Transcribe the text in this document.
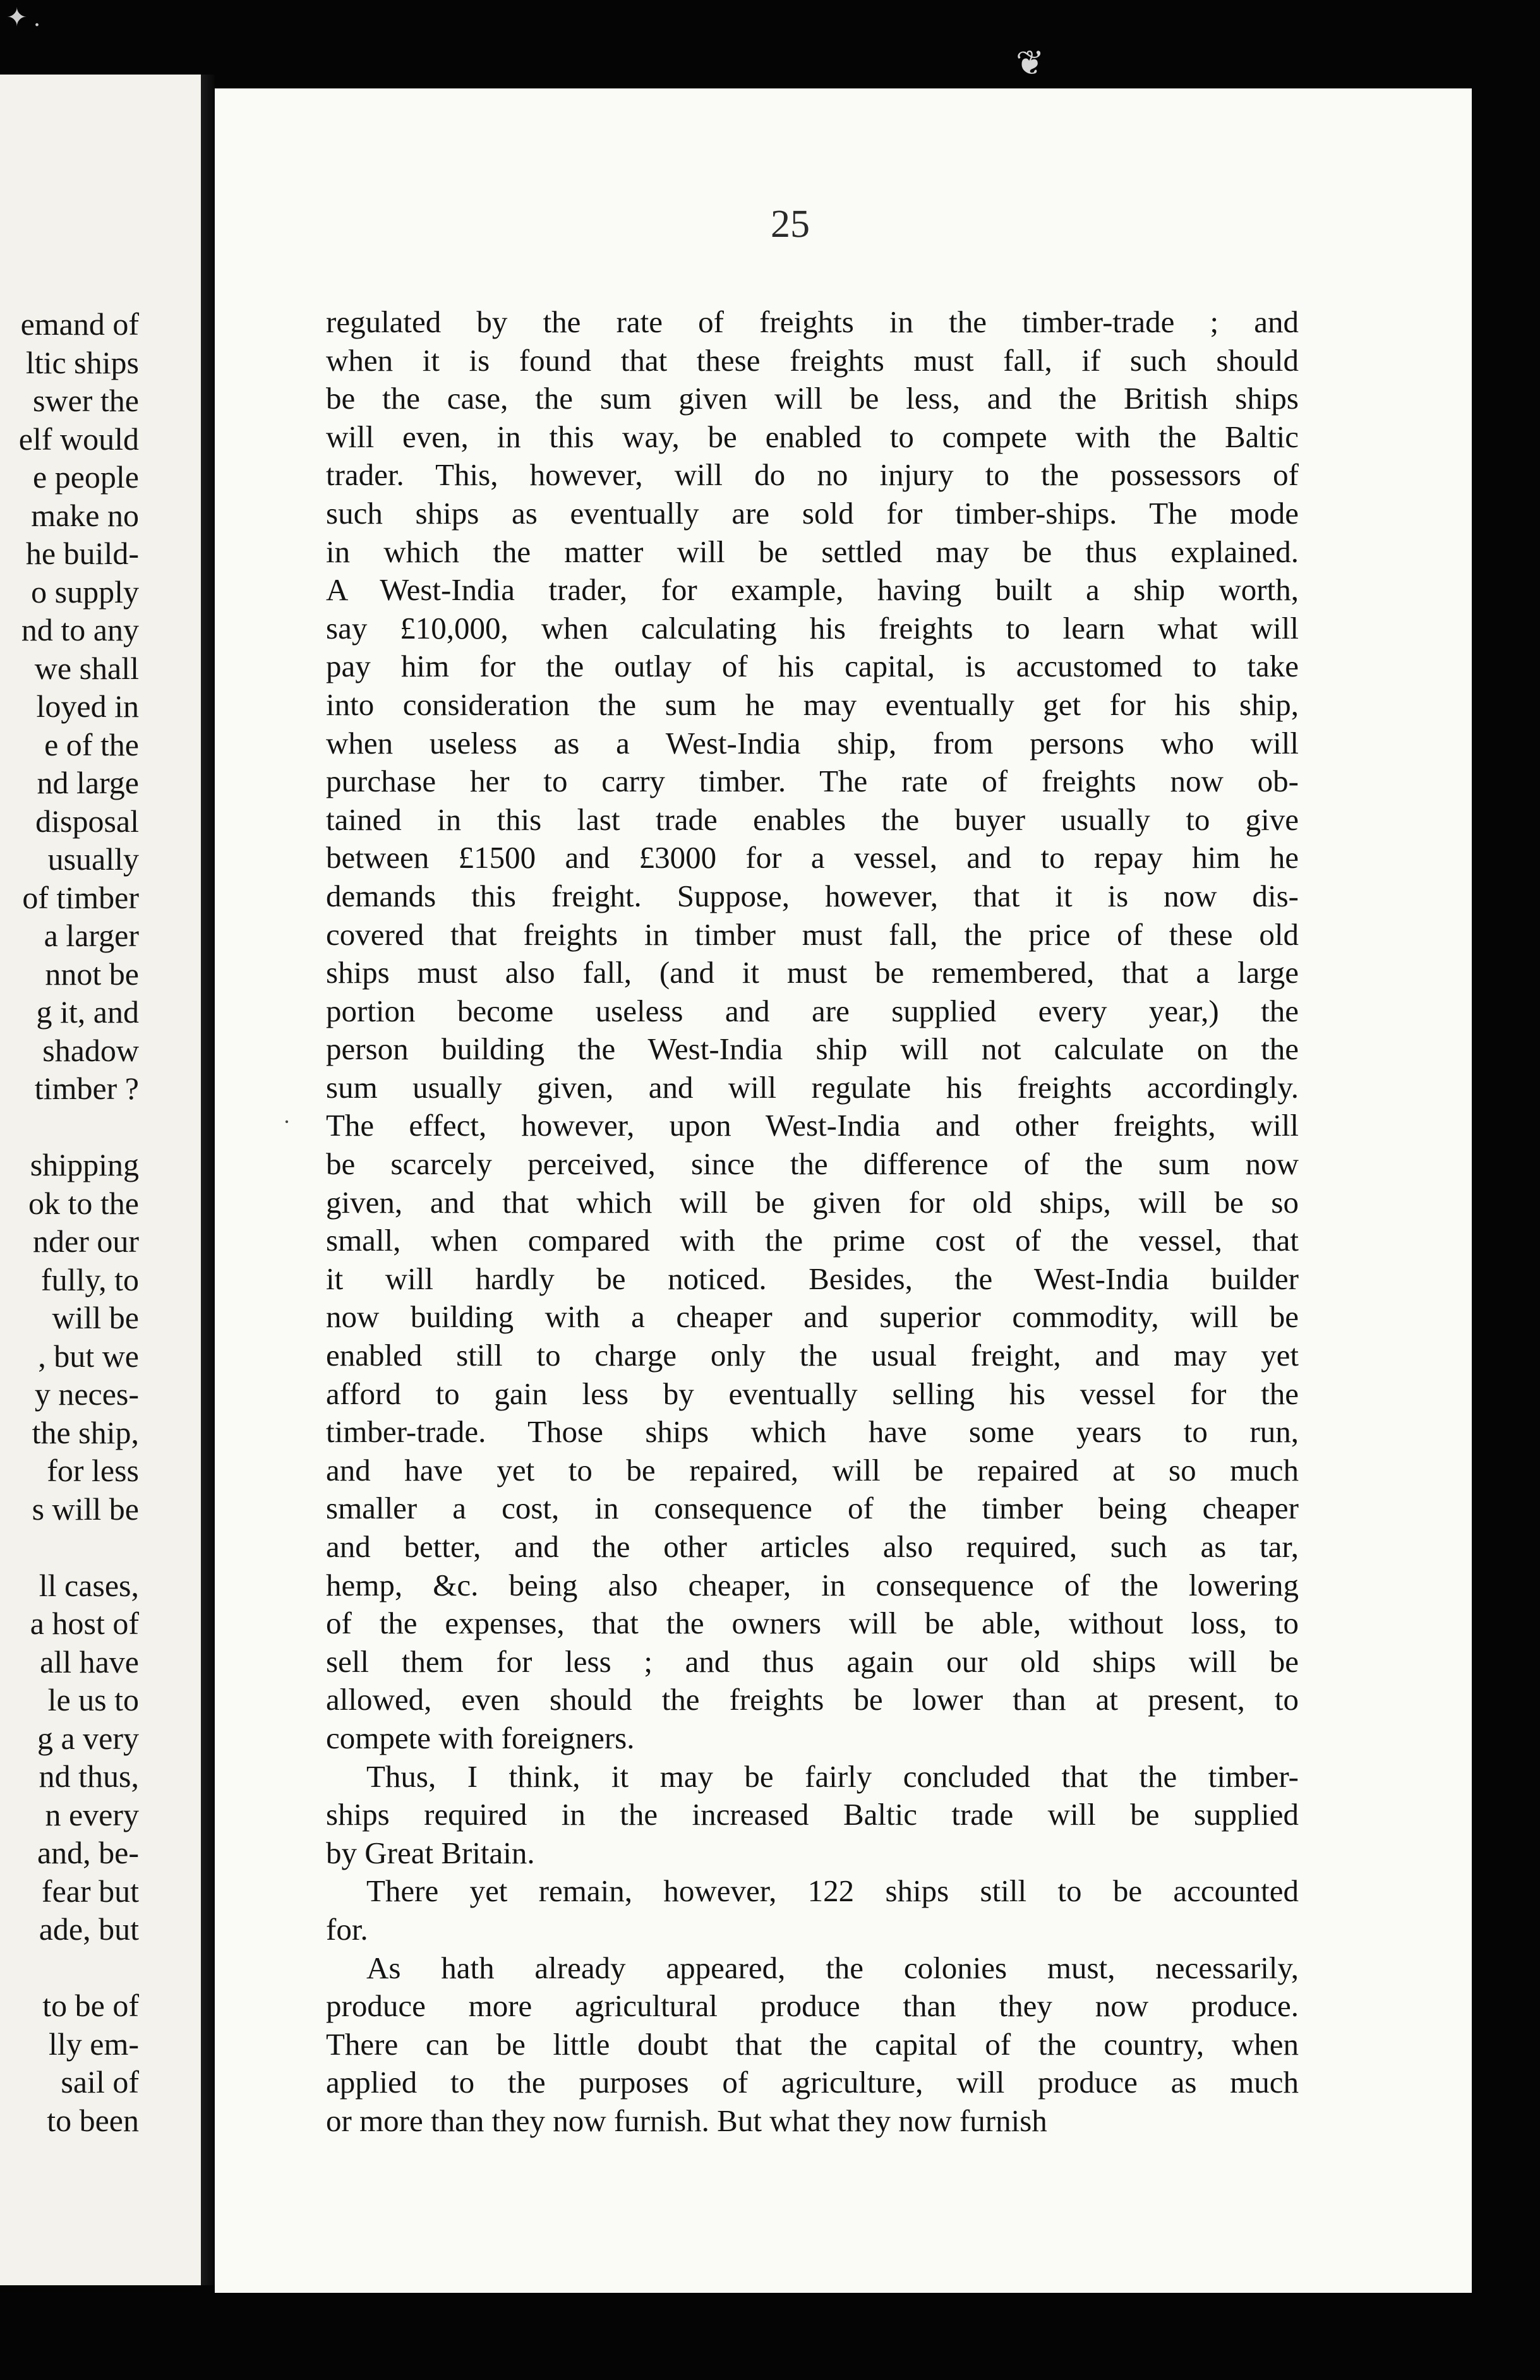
✦ .
❦
emand of
ltic ships
swer the
elf would
e people
make no
he build-
o supply
nd to any
we shall
loyed in
e of the
nd large
disposal
usually
of timber
a larger
nnot be
g it, and
shadow
timber ?
shipping
ok to the
nder our
fully, to
will be
, but we
y neces-
the ship,
for less
s will be
ll cases,
a host of
all have
le us to
g a very
nd thus,
n every
and, be-
fear but
ade, but
to be of
lly em-
sail of
to been
25
·
regulated by the rate of freights in the timber-trade ; and
when it is found that these freights must fall, if such should
be the case, the sum given will be less, and the British ships
will even, in this way, be enabled to compete with the Baltic
trader. This, however, will do no injury to the possessors of
such ships as eventually are sold for timber-ships. The mode
in which the matter will be settled may be thus explained.
A West-India trader, for example, having built a ship worth,
say £10,000, when calculating his freights to learn what will
pay him for the outlay of his capital, is accustomed to take
into consideration the sum he may eventually get for his ship,
when useless as a West-India ship, from persons who will
purchase her to carry timber. The rate of freights now ob-
tained in this last trade enables the buyer usually to give
between £1500 and £3000 for a vessel, and to repay him he
demands this freight. Suppose, however, that it is now dis-
covered that freights in timber must fall, the price of these old
ships must also fall, (and it must be remembered, that a large
portion become useless and are supplied every year,) the
person building the West-India ship will not calculate on the
sum usually given, and will regulate his freights accordingly.
The effect, however, upon West-India and other freights, will
be scarcely perceived, since the difference of the sum now
given, and that which will be given for old ships, will be so
small, when compared with the prime cost of the vessel, that
it will hardly be noticed. Besides, the West-India builder
now building with a cheaper and superior commodity, will be
enabled still to charge only the usual freight, and may yet
afford to gain less by eventually selling his vessel for the
timber-trade. Those ships which have some years to run,
and have yet to be repaired, will be repaired at so much
smaller a cost, in consequence of the timber being cheaper
and better, and the other articles also required, such as tar,
hemp, &c. being also cheaper, in consequence of the lowering
of the expenses, that the owners will be able, without loss, to
sell them for less ; and thus again our old ships will be
allowed, even should the freights be lower than at present, to
compete with foreigners.
Thus, I think, it may be fairly concluded that the timber-
ships required in the increased Baltic trade will be supplied
by Great Britain.
There yet remain, however, 122 ships still to be accounted
for.
As hath already appeared, the colonies must, necessarily,
produce more agricultural produce than they now produce.
There can be little doubt that the capital of the country, when
applied to the purposes of agriculture, will produce as much
or more than they now furnish. But what they now furnish
